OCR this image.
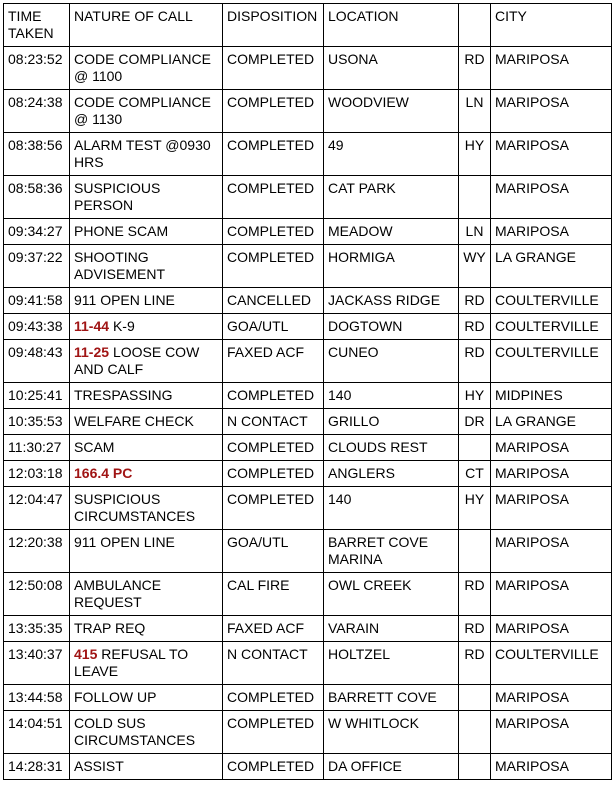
TIME TAKEN	NATURE OF CALL	DISPOSITION	LOCATION		CITY
08:23:52	CODE COMPLIANCE @ 1100	COMPLETED	USONA	RD	MARIPOSA
08:24:38	CODE COMPLIANCE @ 1130	COMPLETED	WOODVIEW	LN	MARIPOSA
08:38:56	ALARM TEST @0930 HRS	COMPLETED	49	HY	MARIPOSA
08:58:36	SUSPICIOUS PERSON	COMPLETED	CAT PARK		MARIPOSA
09:34:27	PHONE SCAM	COMPLETED	MEADOW	LN	MARIPOSA
09:37:22	SHOOTING ADVISEMENT	COMPLETED	HORMIGA	WY	LA GRANGE
09:41:58	911 OPEN LINE	CANCELLED	JACKASS RIDGE	RD	COULTERVILLE
09:43:38	11-44 K-9	GOA/UTL	DOGTOWN	RD	COULTERVILLE
09:48:43	11-25 LOOSE COW AND CALF	FAXED ACF	CUNEO	RD	COULTERVILLE
10:25:41	TRESPASSING	COMPLETED	140	HY	MIDPINES
10:35:53	WELFARE CHECK	N CONTACT	GRILLO	DR	LA GRANGE
11:30:27	SCAM	COMPLETED	CLOUDS REST		MARIPOSA
12:03:18	166.4 PC	COMPLETED	ANGLERS	CT	MARIPOSA
12:04:47	SUSPICIOUS CIRCUMSTANCES	COMPLETED	140	HY	MARIPOSA
12:20:38	911 OPEN LINE	GOA/UTL	BARRET COVE MARINA		MARIPOSA
12:50:08	AMBULANCE REQUEST	CAL FIRE	OWL CREEK	RD	MARIPOSA
13:35:35	TRAP REQ	FAXED ACF	VARAIN	RD	MARIPOSA
13:40:37	415 REFUSAL TO LEAVE	N CONTACT	HOLTZEL	RD	COULTERVILLE
13:44:58	FOLLOW UP	COMPLETED	BARRETT COVE		MARIPOSA
14:04:51	COLD SUS CIRCUMSTANCES	COMPLETED	W WHITLOCK		MARIPOSA
14:28:31	ASSIST	COMPLETED	DA OFFICE		MARIPOSA
